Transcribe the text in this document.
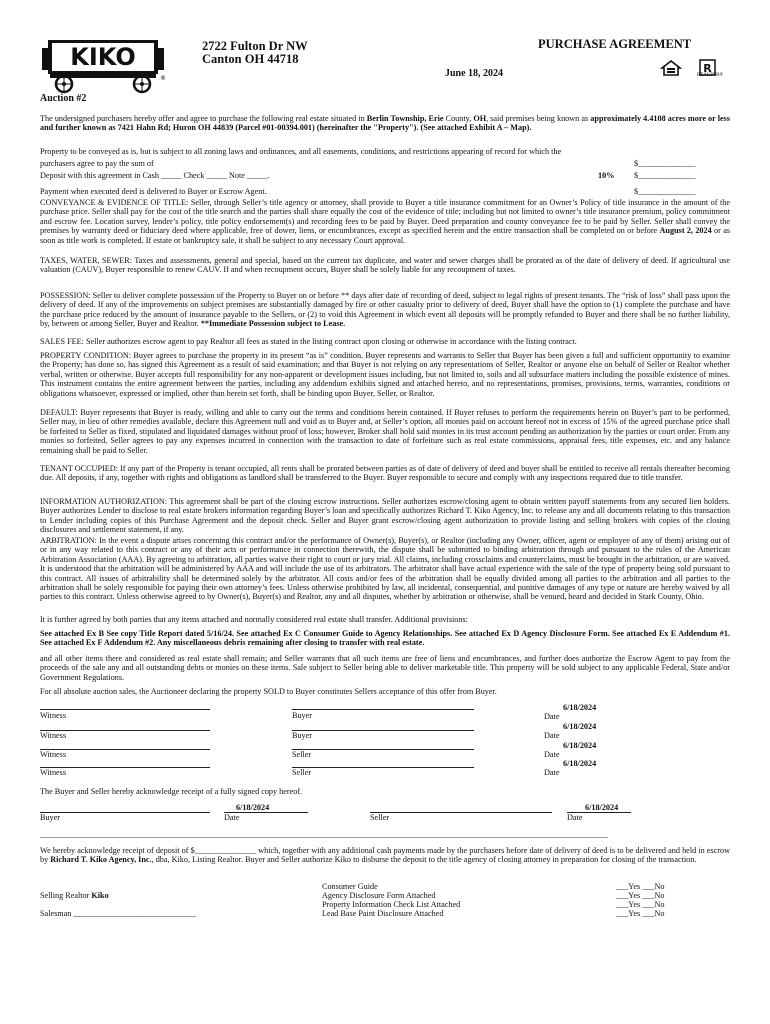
KIKO
®
2722 Fulton Dr NW
Canton OH 44718
PURCHASE AGREEMENT
June 18, 2024	R
REALTOR®
Auction #2

The undersigned purchasers hereby offer and agree to purchase the following real estate situated in Berlin Township, Erie County, OH, said premises being known as approximately 4.4108 acres more or less and further known as 7421 Hahn Rd; Huron OH 44839 (Parcel #01-00394.001) (hereinafter the "Property"). (See attached Exhibit A – Map).

Property to be conveyed as is, but is subject to all zoning laws and ordinances, and all easements, conditions, and restrictions appearing of record for which the
purchasers agree to pay the sum of	$______________
Deposit with this agreement in Cash _____ Check _____ Note _____.	10% $______________
Payment when executed deed is delivered to Buyer or Escrow Agent.	$______________

CONVEYANCE & EVIDENCE OF TITLE: Seller, through Seller’s title agency or attorney, shall provide to Buyer a title insurance commitment for an Owner’s Policy of title insurance in the amount of the purchase price. Seller shall pay for the cost of the title search and the parties shall share equally the cost of the evidence of title; including but not limited to owner’s title insurance premium, policy commitment and escrow fee. Location survey, lender’s policy, title policy endorsement(s) and recording fees to be paid by Buyer. Deed preparation and county conveyance fee to be paid by Seller. Seller shall convey the premises by warranty deed or fiduciary deed where applicable, free of dower, liens, or encumbrances, except as specified herein and the entire transaction shall be completed on or before August 2, 2024 or as soon as title work is completed. If estate or bankruptcy sale, it shall be subject to any necessary Court approval.

TAXES, WATER, SEWER: Taxes and assessments, general and special, based on the current tax duplicate, and water and sewer charges shall be prorated as of the date of delivery of deed. If agricultural use valuation (CAUV), Buyer responsible to renew CAUV. If and when recoupment occurs, Buyer shall be solely liable for any recoupment of taxes.

POSSESSION: Seller to deliver complete possession of the Property to Buyer on or before ** days after date of recording of deed, subject to legal rights of present tenants. The “risk of loss” shall pass upon the delivery of deed. If any of the improvements on subject premises are substantially damaged by fire or other casualty prior to delivery of deed, Buyer shall have the option to (1) complete the purchase and have the purchase price reduced by the amount of insurance payable to the Sellers, or (2) to void this Agreement in which event all deposits will be promptly refunded to Buyer and there shall be no further liability, by, between or among Seller, Buyer and Realtor. **Immediate Possession subject to Lease.

SALES FEE: Seller authorizes escrow agent to pay Realtor all fees as stated in the listing contract upon closing or otherwise in accordance with the listing contract.

PROPERTY CONDITION: Buyer agrees to purchase the property in its present “as is” condition. Buyer represents and warrants to Seller that Buyer has been given a full and sufficient opportunity to examine the Property; has done so, has signed this Agreement as a result of said examination; and that Buyer is not relying on any representations of Seller, Realtor or anyone else on behalf of Seller or Realtor whether verbal, written or otherwise. Buyer accepts full responsibility for any non-apparent or development issues including, but not limited to, soils and all subsurface matters including the possible existence of mines. This instrument contains the entire agreement between the parties, including any addendum exhibits signed and attached hereto, and no representations, promises, provisions, terms, warranties, conditions or obligations whatsoever, expressed or implied, other than herein set forth, shall be binding upon Buyer, Seller, or Realtor.

DEFAULT: Buyer represents that Buyer is ready, willing and able to carry out the terms and conditions herein contained. If Buyer refuses to perform the requirements herein on Buyer’s part to be performed, Seller may, in lieu of other remedies available, declare this Agreement null and void as to Buyer and, at Seller’s option, all monies paid on account hereof not in excess of 15% of the agreed purchase price shall be forfeited to Seller as fixed, stipulated and liquidated damages without proof of loss; however, Broker shall hold said monies in its trust account pending an authorization by the parties or court order. From any monies so forfeited, Seller agrees to pay any expenses incurred in connection with the transaction to date of forfeiture such as real estate commissions, appraisal fees, title expenses, etc. and any balance remaining shall be paid to Seller.

TENANT OCCUPIED: If any part of the Property is tenant occupied, all rents shall be prorated between parties as of date of delivery of deed and buyer shall be entitled to receive all rentals thereafter becoming due. All deposits, if any, together with rights and obligations as landlord shall be transferred to the Buyer. Buyer responsible to secure and comply with any inspections required due to title transfer.

INFORMATION AUTHORIZATION: This agreement shall be part of the closing escrow instructions. Seller authorizes escrow/closing agent to obtain written payoff statements from any secured lien holders. Buyer authorizes Lender to disclose to real estate brokers information regarding Buyer’s loan and specifically authorizes Richard T. Kiko Agency, Inc. to release any and all documents relating to this transaction to Lender including copies of this Purchase Agreement and the deposit check. Seller and Buyer grant escrow/closing agent authorization to provide listing and selling brokers with copies of the closing disclosures and settlement statement, if any.

ARBITRATION: In the event a dispute arises concerning this contract and/or the performance of Owner(s), Buyer(s), or Realtor (including any Owner, officer, agent or employee of any of them) arising out of or in any way related to this contract or any of their acts or performance in connection therewith, the dispute shall be submitted to binding arbitration through and pursuant to the rules of the American Arbitration Association (AAA). By agreeing to arbitration, all parties waive their right to court or jury trial. All claims, including crossclaims and counterclaims, must be brought in the arbitration, or are waived. It is understood that the arbitration will be administered by AAA and will include the use of its arbitrators. The arbitrator shall have actual experience with the sale of the type of property being sold pursuant to this contract. All issues of arbitrability shall be determined solely by the arbitrator. All costs and/or fees of the arbitration shall be equally divided among all parties to the arbitration and all parties to the arbitration shall be solely responsible for paying their own attorney’s fees. Unless otherwise prohibited by law, all incidental, consequential, and punitive damages of any type or nature are hereby waived by all parties to this contract. Unless otherwise agreed to by Owner(s), Buyer(s) and Realtor, any and all disputes, whether by arbitration or otherwise, shall be venued, heard and decided in Stark County, Ohio.

It is further agreed by both parties that any items attached and normally considered real estate shall transfer. Additional provisions:

See attached Ex B See copy Title Report dated 5/16/24. See attached Ex C Consumer Guide to Agency Relationships. See attached Ex D Agency Disclosure Form. See attached Ex E Addendum #1. See attached Ex F Addendum #2. Any miscellaneous debris remaining after closing to transfer with real estate.

and all other items there and considered as real estate shall remain; and Seller warrants that all such items are free of liens and encumbrances, and further does authorize the Escrow Agent to pay from the proceeds of the sale any and all outstanding debts or monies on these items. Sale subject to Seller being able to deliver marketable title. This property will be sold subject to any applicable Federal, State and/or Government Regulations.

For all absolute auction sales, the Auctioneer declaring the property SOLD to Buyer constitutes Sellers acceptance of this offer from Buyer.

Witness	Buyer
6/18/2024
Date
Witness	Buyer
6/18/2024
Date
Witness	Seller
6/18/2024
Date
Witness	Seller
6/18/2024
Date
The Buyer and Seller hereby acknowledge receipt of a fully signed copy hereof.
Buyer
6/18/2024
Date	Seller
6/18/2024
Date
______________________________________________________________________________________________________________________________________________

We hereby acknowledge receipt of deposit of $_______________ which, together with any additional cash payments made by the purchasers before date of delivery of deed is to be delivered and held in escrow by Richard T. Kiko Agency, Inc., dba, Kiko, Listing Realtor. Buyer and Seller authorize Kiko to disburse the deposit to the title agency of closing attorney in preparation for closing of the transaction.

Selling Realtor Kiko
Salesman ______________________________
Consumer Guide	___Yes ___No
Agency Disclosure Form Attached	___Yes ___No
Property Information Check List Attached	___Yes ___No
Lead Base Paint Disclosure Attached	___Yes ___No
